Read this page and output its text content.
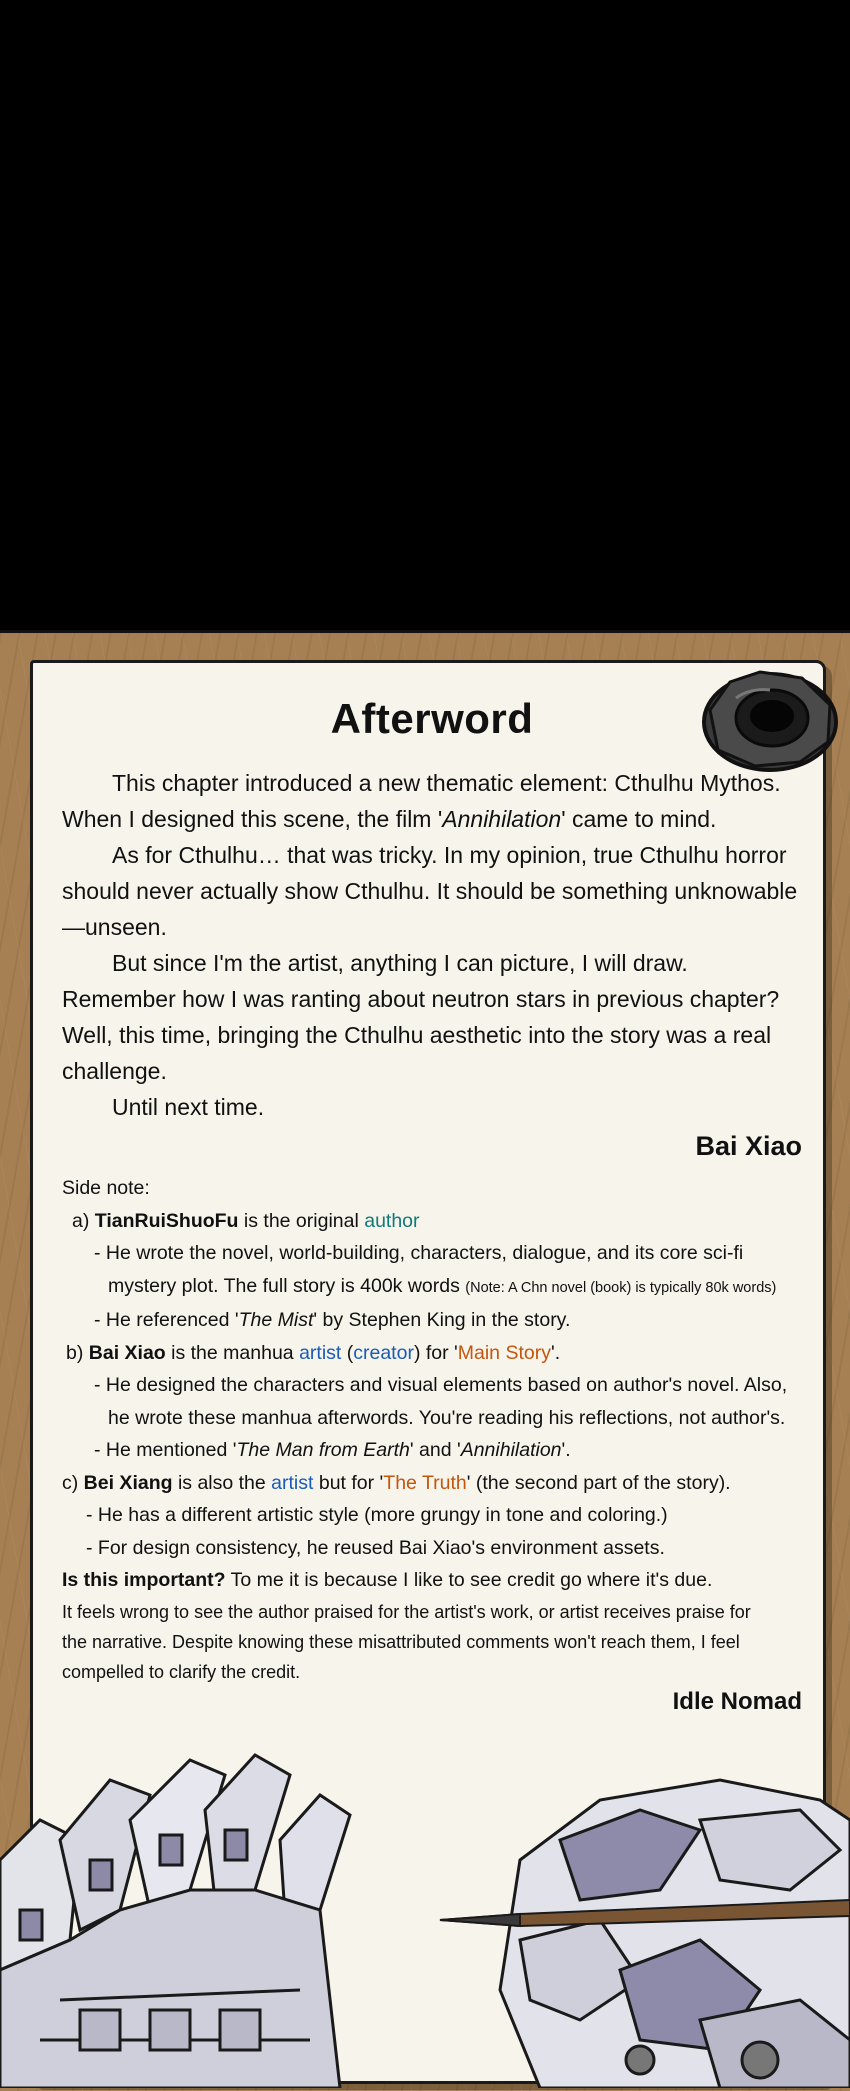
Afterword

This chapter introduced a new thematic element: Cthulhu Mythos.

When I designed this scene, the film 'Annihilation' came to mind.

As for Cthulhu… that was tricky. In my opinion, true Cthulhu horror should never actually show Cthulhu. It should be something unknowable—unseen.

But since I'm the artist, anything I can picture, I will draw.

Remember how I was ranting about neutron stars in previous chapter? Well, this time, bringing the Cthulhu aesthetic into the story was a real challenge.

Until next time.

Bai Xiao

Side note:

a) TianRuiShuoFu is the original author

- He wrote the novel, world-building, characters, dialogue, and its core sci-fi mystery plot. The full story is 400k words (Note: A Chn novel (book) is typically 80k words)

- He referenced 'The Mist' by Stephen King in the story.

b) Bai Xiao is the manhua artist (creator) for 'Main Story'.

- He designed the characters and visual elements based on author's novel. Also, he wrote these manhua afterwords. You're reading his reflections, not author's.

- He mentioned 'The Man from Earth' and 'Annihilation'.

c) Bei Xiang is also the artist but for 'The Truth' (the second part of the story).

- He has a different artistic style (more grungy in tone and coloring.)

- For design consistency, he reused Bai Xiao's environment assets.

Is this important? To me it is because I like to see credit go where it's due.

It feels wrong to see the author praised for the artist's work, or artist receives praise for the narrative. Despite knowing these misattributed comments won't reach them, I feel compelled to clarify the credit.

Idle Nomad
